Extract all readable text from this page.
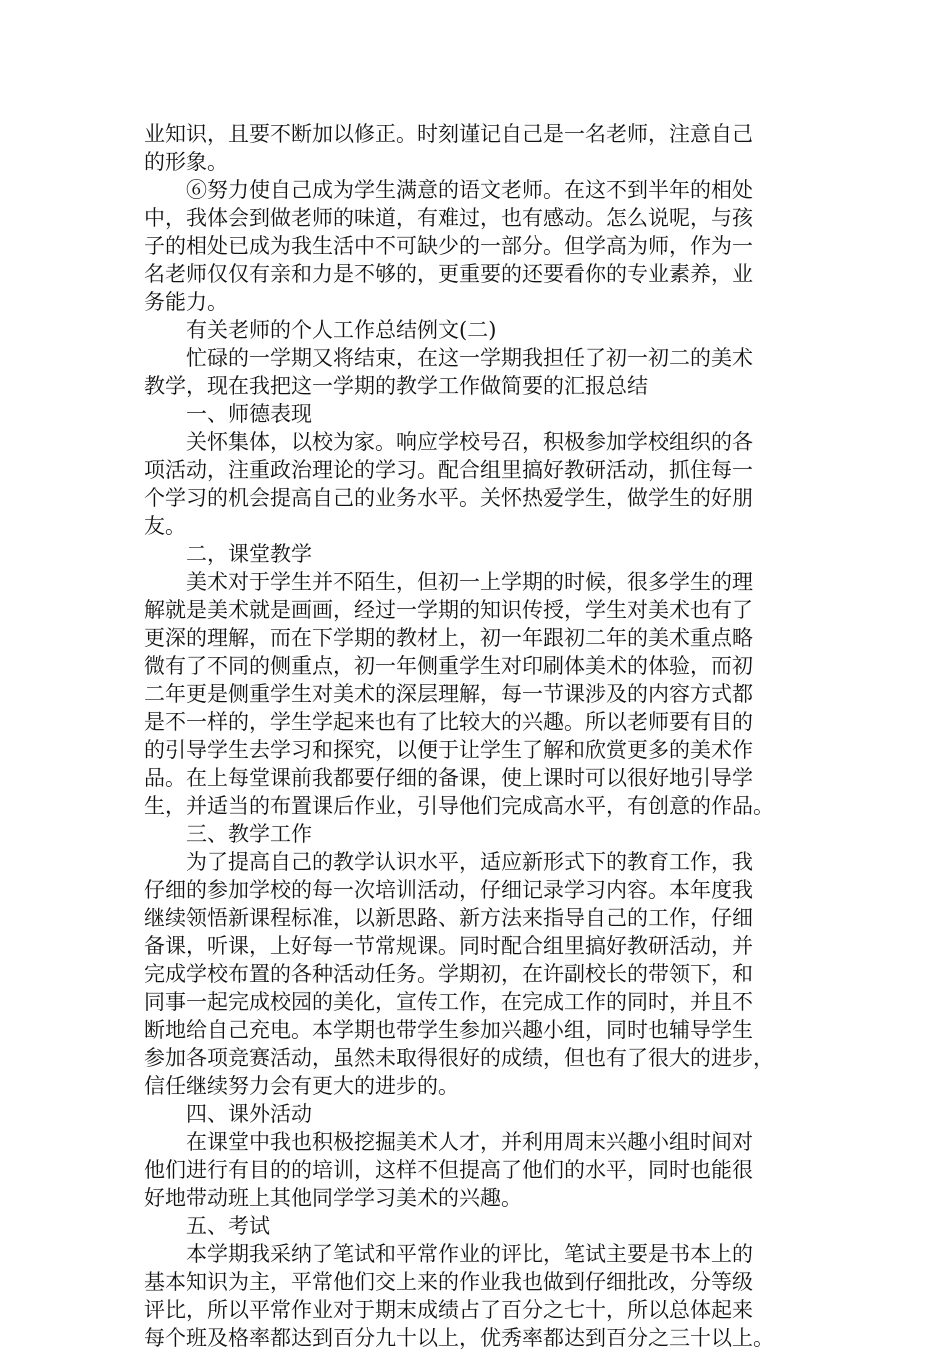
业知识，且要不断加以修正。时刻谨记自己是一名老师，注意自己
的形象。
⑥努力使自己成为学生满意的语文老师。在这不到半年的相处
中，我体会到做老师的味道，有难过，也有感动。怎么说呢，与孩
子的相处已成为我生活中不可缺少的一部分。但学高为师，作为一
名老师仅仅有亲和力是不够的，更重要的还要看你的专业素养，业
务能力。
有关老师的个人工作总结例文(二)
忙碌的一学期又将结束，在这一学期我担任了初一初二的美术
教学，现在我把这一学期的教学工作做简要的汇报总结
一、师德表现
关怀集体，以校为家。响应学校号召，积极参加学校组织的各
项活动，注重政治理论的学习。配合组里搞好教研活动，抓住每一
个学习的机会提高自己的业务水平。关怀热爱学生，做学生的好朋
友。
二，课堂教学
美术对于学生并不陌生，但初一上学期的时候，很多学生的理
解就是美术就是画画，经过一学期的知识传授，学生对美术也有了
更深的理解，而在下学期的教材上，初一年跟初二年的美术重点略
微有了不同的侧重点，初一年侧重学生对印刷体美术的体验，而初
二年更是侧重学生对美术的深层理解，每一节课涉及的内容方式都
是不一样的，学生学起来也有了比较大的兴趣。所以老师要有目的
的引导学生去学习和探究，以便于让学生了解和欣赏更多的美术作
品。在上每堂课前我都要仔细的备课，使上课时可以很好地引导学
生，并适当的布置课后作业，引导他们完成高水平，有创意的作品。
三、教学工作
为了提高自己的教学认识水平，适应新形式下的教育工作，我
仔细的参加学校的每一次培训活动，仔细记录学习内容。本年度我
继续领悟新课程标准，以新思路、新方法来指导自己的工作，仔细
备课，听课，上好每一节常规课。同时配合组里搞好教研活动，并
完成学校布置的各种活动任务。学期初，在许副校长的带领下，和
同事一起完成校园的美化，宣传工作，在完成工作的同时，并且不
断地给自己充电。本学期也带学生参加兴趣小组，同时也辅导学生
参加各项竞赛活动，虽然未取得很好的成绩，但也有了很大的进步，
信任继续努力会有更大的进步的。
四、课外活动
在课堂中我也积极挖掘美术人才，并利用周末兴趣小组时间对
他们进行有目的的培训，这样不但提高了他们的水平，同时也能很
好地带动班上其他同学学习美术的兴趣。
五、考试
本学期我采纳了笔试和平常作业的评比，笔试主要是书本上的
基本知识为主，平常他们交上来的作业我也做到仔细批改，分等级
评比，所以平常作业对于期末成绩占了百分之七十，所以总体起来
每个班及格率都达到百分九十以上，优秀率都达到百分之三十以上。
